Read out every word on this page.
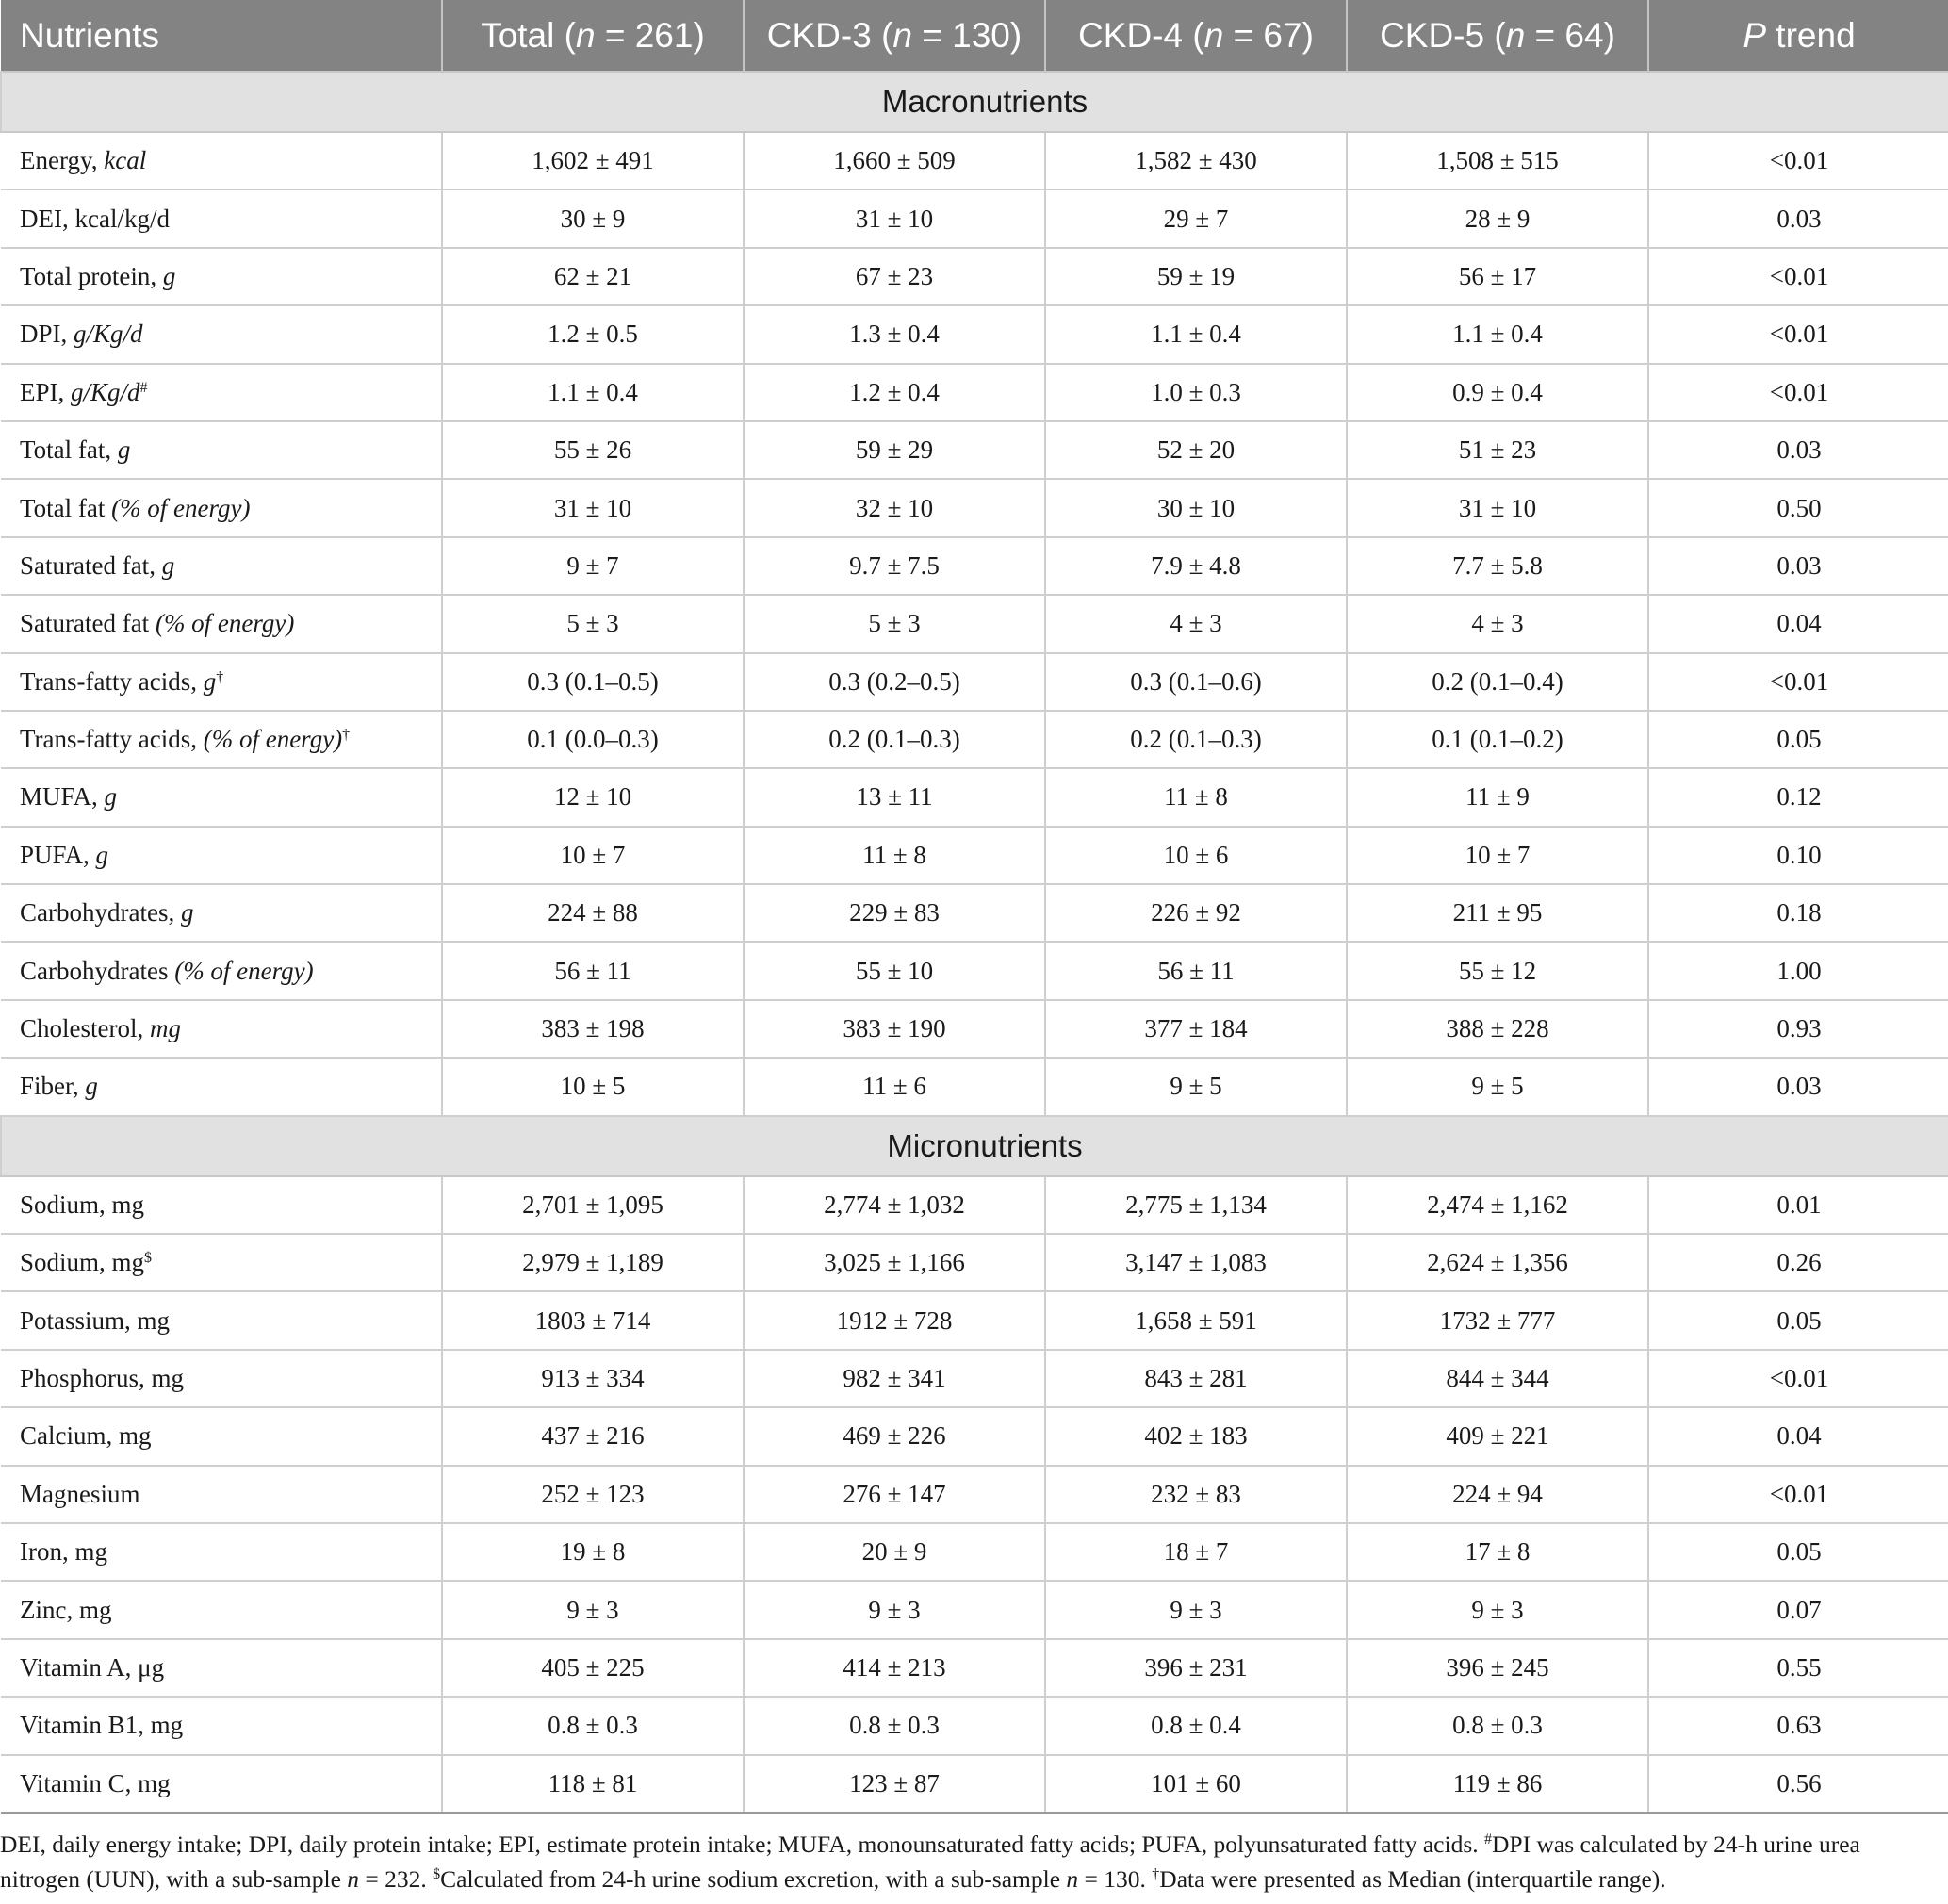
Nutrients	Total (n = 261)	CKD-3 (n = 130)	CKD-4 (n = 67)	CKD-5 (n = 64)	P trend
Macronutrients					
Energy, kcal	1,602 ± 491	1,660 ± 509	1,582 ± 430	1,508 ± 515	<0.01
DEI, kcal/kg/d	30 ± 9	31 ± 10	29 ± 7	28 ± 9	0.03
Total protein, g	62 ± 21	67 ± 23	59 ± 19	56 ± 17	<0.01
DPI, g/Kg/d	1.2 ± 0.5	1.3 ± 0.4	1.1 ± 0.4	1.1 ± 0.4	<0.01
EPI, g/Kg/d#	1.1 ± 0.4	1.2 ± 0.4	1.0 ± 0.3	0.9 ± 0.4	<0.01
Total fat, g	55 ± 26	59 ± 29	52 ± 20	51 ± 23	0.03
Total fat (% of energy)	31 ± 10	32 ± 10	30 ± 10	31 ± 10	0.50
Saturated fat, g	9 ± 7	9.7 ± 7.5	7.9 ± 4.8	7.7 ± 5.8	0.03
Saturated fat (% of energy)	5 ± 3	5 ± 3	4 ± 3	4 ± 3	0.04
Trans-fatty acids, g†	0.3 (0.1–0.5)	0.3 (0.2–0.5)	0.3 (0.1–0.6)	0.2 (0.1–0.4)	<0.01
Trans-fatty acids, (% of energy)†	0.1 (0.0–0.3)	0.2 (0.1–0.3)	0.2 (0.1–0.3)	0.1 (0.1–0.2)	0.05
MUFA, g	12 ± 10	13 ± 11	11 ± 8	11 ± 9	0.12
PUFA, g	10 ± 7	11 ± 8	10 ± 6	10 ± 7	0.10
Carbohydrates, g	224 ± 88	229 ± 83	226 ± 92	211 ± 95	0.18
Carbohydrates (% of energy)	56 ± 11	55 ± 10	56 ± 11	55 ± 12	1.00
Cholesterol, mg	383 ± 198	383 ± 190	377 ± 184	388 ± 228	0.93
Fiber, g	10 ± 5	11 ± 6	9 ± 5	9 ± 5	0.03
Micronutrients					
Sodium, mg	2,701 ± 1,095	2,774 ± 1,032	2,775 ± 1,134	2,474 ± 1,162	0.01
Sodium, mg$	2,979 ± 1,189	3,025 ± 1,166	3,147 ± 1,083	2,624 ± 1,356	0.26
Potassium, mg	1803 ± 714	1912 ± 728	1,658 ± 591	1732 ± 777	0.05
Phosphorus, mg	913 ± 334	982 ± 341	843 ± 281	844 ± 344	<0.01
Calcium, mg	437 ± 216	469 ± 226	402 ± 183	409 ± 221	0.04
Magnesium	252 ± 123	276 ± 147	232 ± 83	224 ± 94	<0.01
Iron, mg	19 ± 8	20 ± 9	18 ± 7	17 ± 8	0.05
Zinc, mg	9 ± 3	9 ± 3	9 ± 3	9 ± 3	0.07
Vitamin A, μg	405 ± 225	414 ± 213	396 ± 231	396 ± 245	0.55
Vitamin B1, mg	0.8 ± 0.3	0.8 ± 0.3	0.8 ± 0.4	0.8 ± 0.3	0.63
Vitamin C, mg	118 ± 81	123 ± 87	101 ± 60	119 ± 86	0.56
DEI, daily energy intake; DPI, daily protein intake; EPI, estimate protein intake; MUFA, monounsaturated fatty acids; PUFA, polyunsaturated fatty acids. #DPI was calculated by 24-h urine urea nitrogen (UUN), with a sub-sample n = 232. $Calculated from 24-h urine sodium excretion, with a sub-sample n = 130. †Data were presented as Median (interquartile range).
